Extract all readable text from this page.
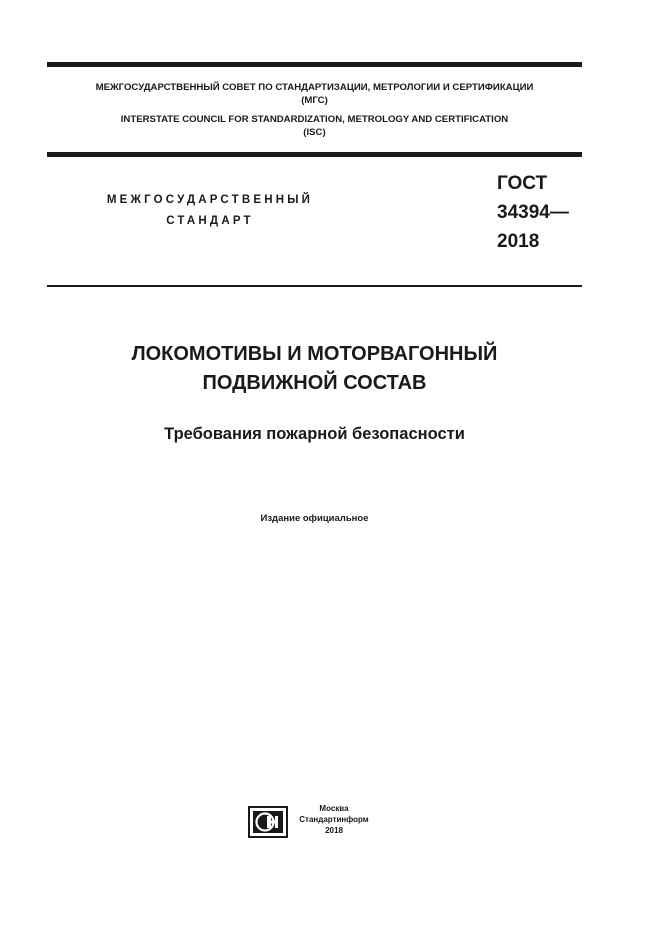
МЕЖГОСУДАРСТВЕННЫЙ СОВЕТ ПО СТАНДАРТИЗАЦИИ, МЕТРОЛОГИИ И СЕРТИФИКАЦИИ
(МГС)
INTERSTATE COUNCIL FOR STANDARDIZATION, METROLOGY AND CERTIFICATION
(ISC)
МЕЖГОСУДАРСТВЕННЫЙ
СТАНДАРТ
ГОСТ
34394—
2018
ЛОКОМОТИВЫ И МОТОРВАГОННЫЙ
ПОДВИЖНОЙ СОСТАВ
Требования пожарной безопасности
Издание официальное
Москва
Стандартинформ
2018
